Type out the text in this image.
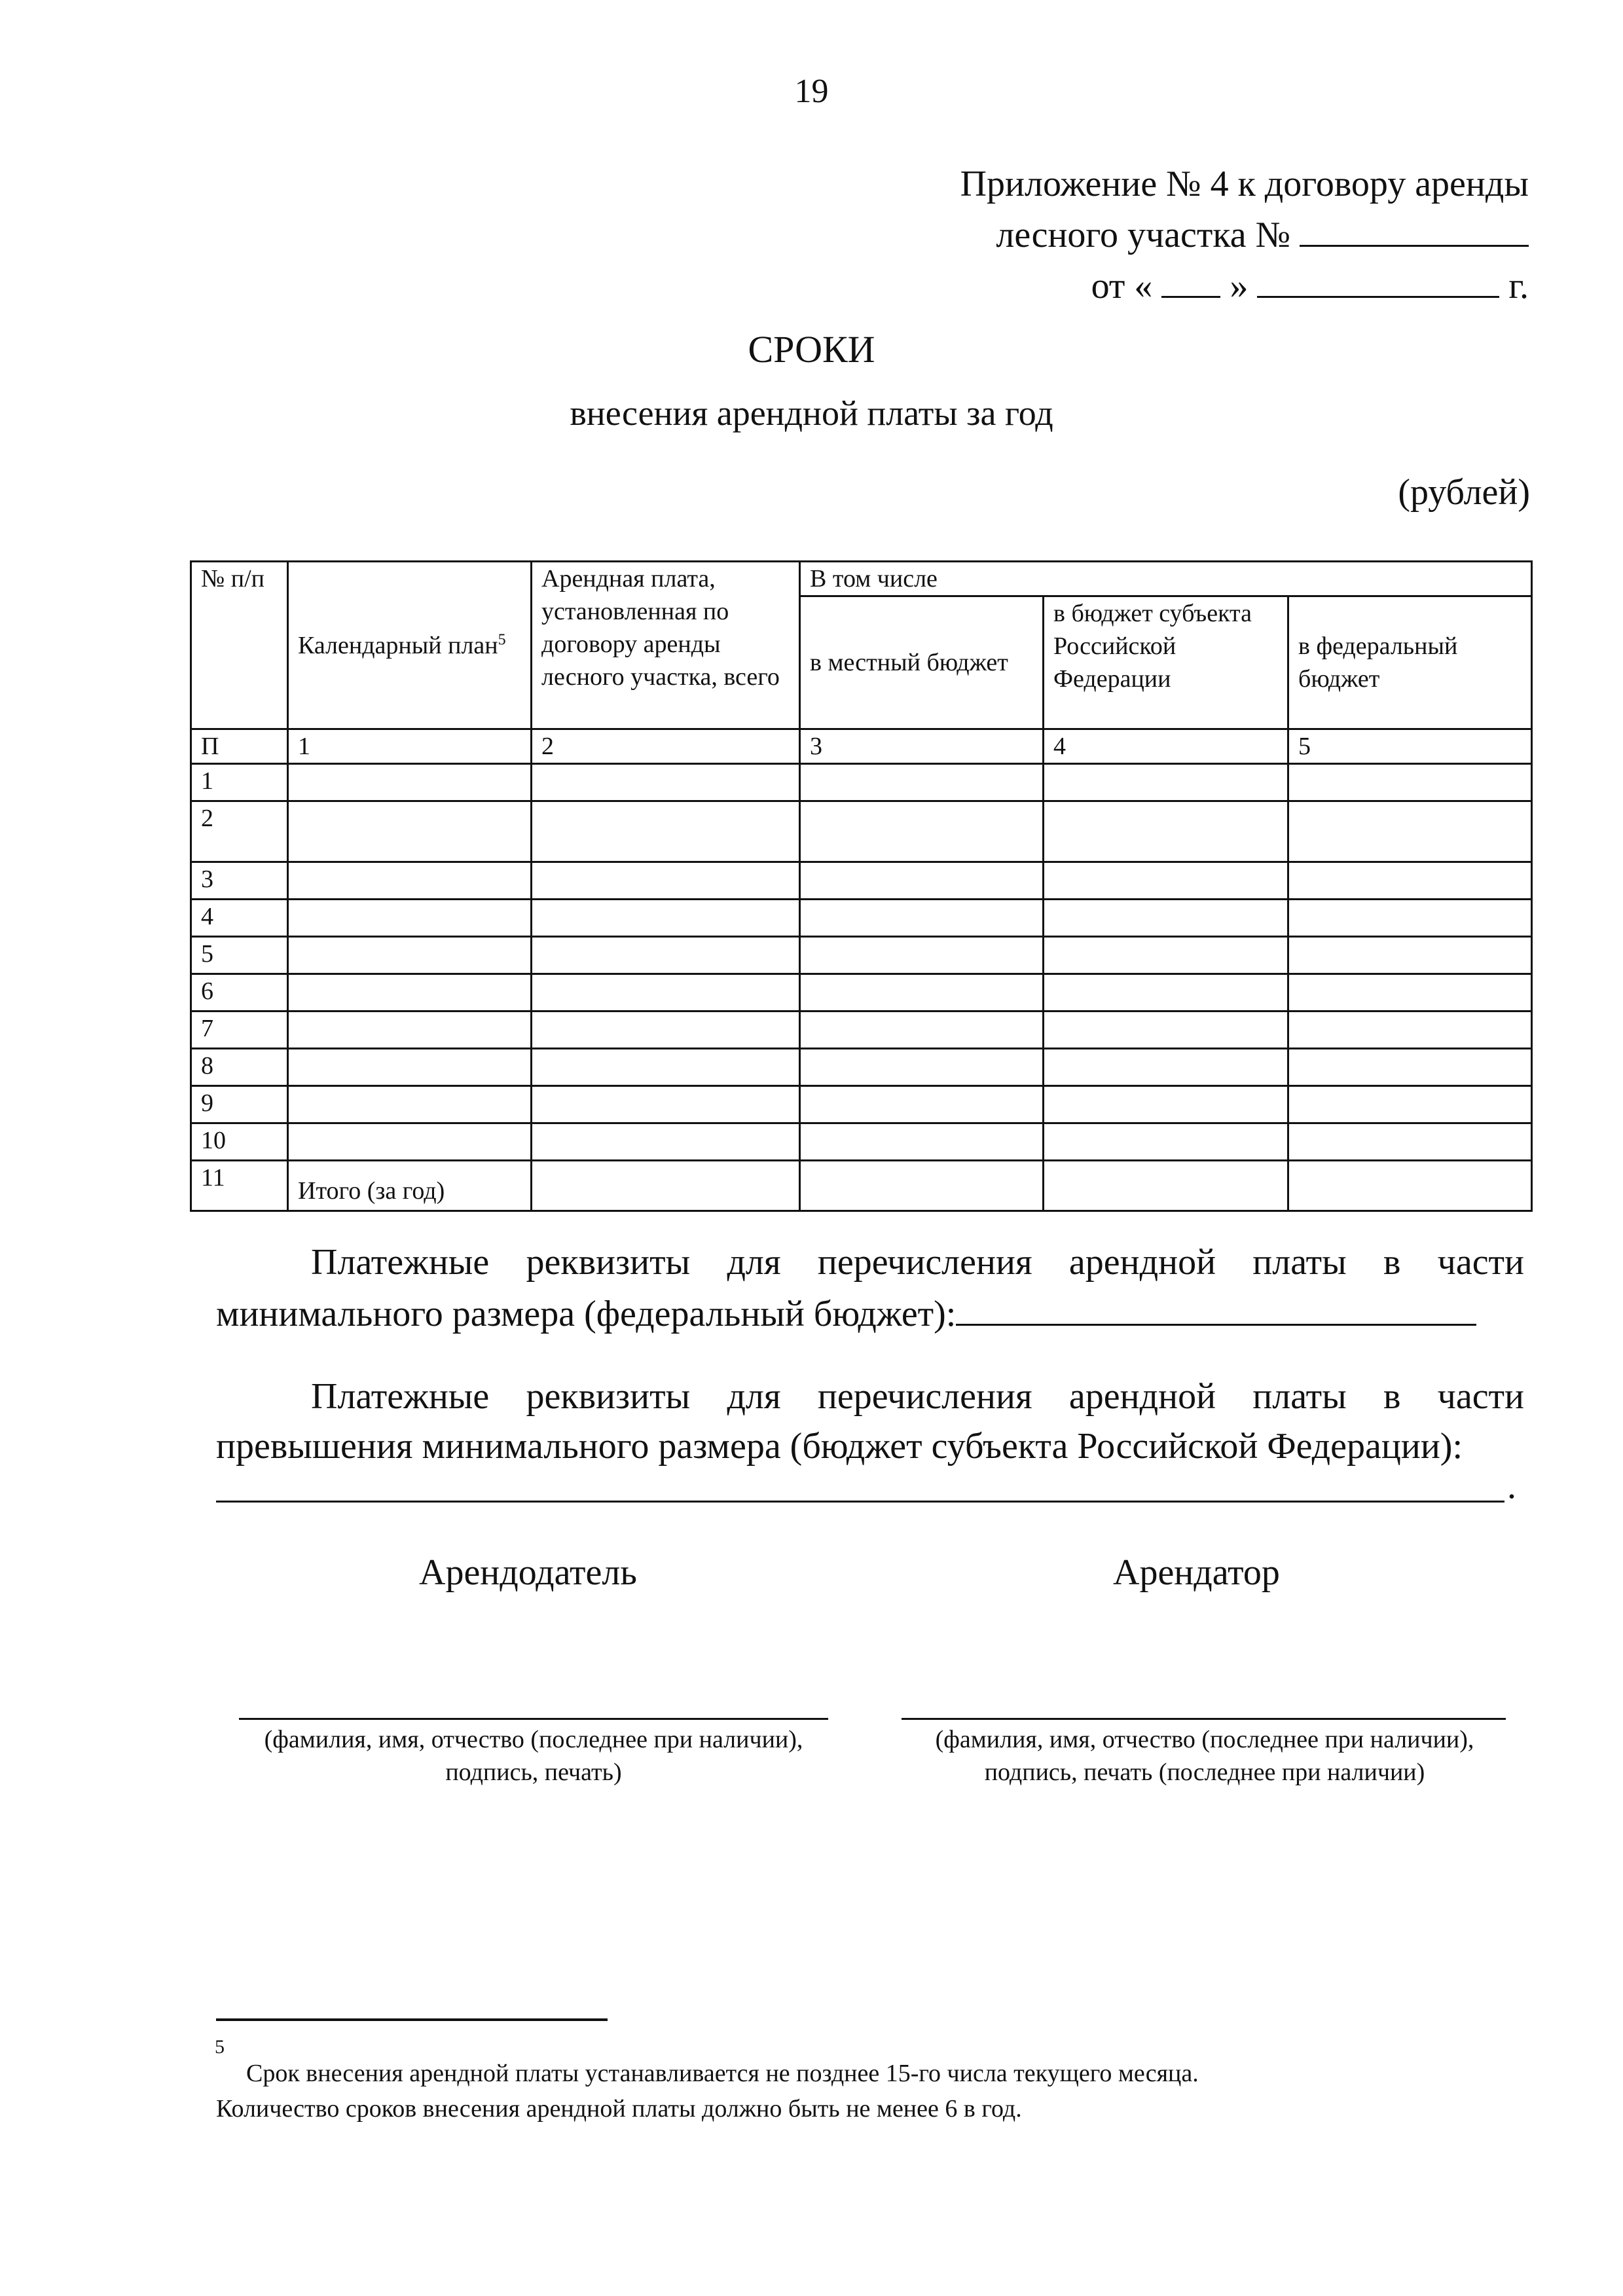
19
Приложение № 4 к договору аренды
лесного участка №
от « »	г.
СРОКИ
внесения арендной платы за год
(рублей)
№ п/п	Календарный план$^5$	Арендная плата, установленная по договору аренды лесного участка, всего	В том числе		
			в местный бюджет	в бюджет субъекта Российской Федерации	в федеральный бюджет
П	1	2	3	4	5
1					
2					
3					
4					
5					
6					
7					
8					
9					
10					
11	Итого (за год)				
Платежные реквизиты для перечисления арендной платы в части
минимального размера (федеральный бюджет):
Платежные реквизиты для перечисления арендной платы в части
превышения минимального размера (бюджет субъекта Российской Федерации):
.
Арендодатель	Арендатор
(фамилия, имя, отчество (последнее при наличии), подпись, печать)
(фамилия, имя, отчество (последнее при наличии), подпись, печать (последнее при наличии)
5
Срок внесения арендной платы устанавливается не позднее 15-го числа текущего месяца.
Количество сроков внесения арендной платы должно быть не менее 6 в год.
